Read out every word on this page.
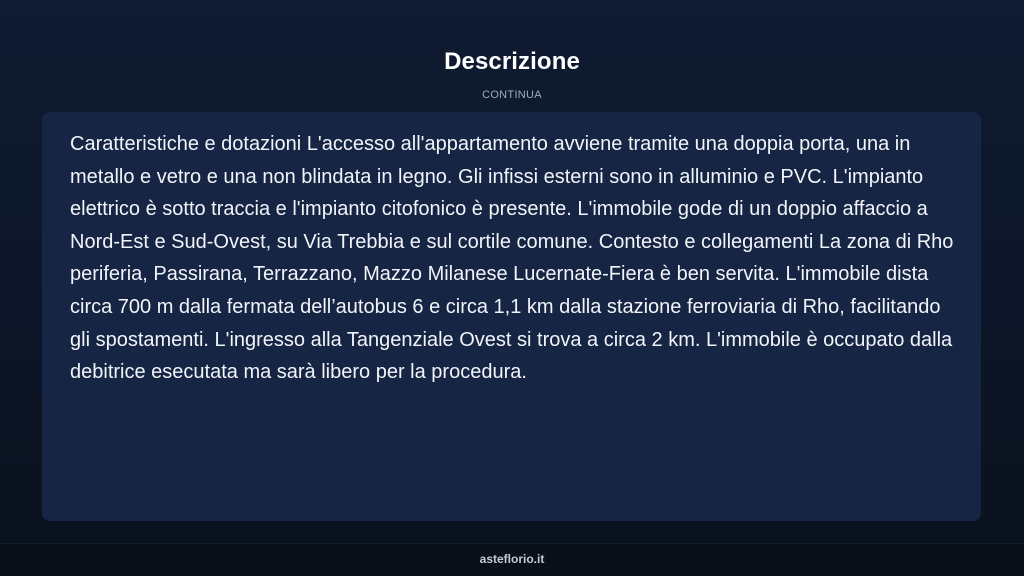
Descrizione
CONTINUA

Caratteristiche e dotazioni L'accesso all'appartamento avviene tramite una doppia porta, una in metallo e vetro e una non blindata in legno. Gli infissi esterni sono in alluminio e PVC. L'impianto elettrico è sotto traccia e l'impianto citofonico è presente. L'immobile gode di un doppio affaccio a Nord-Est e Sud-Ovest, su Via Trebbia e sul cortile comune. Contesto e collegamenti La zona di Rho periferia, Passirana, Terrazzano, Mazzo Milanese Lucernate-Fiera è ben servita. L'immobile dista circa 700 m dalla fermata dell’autobus 6 e circa 1,1 km dalla stazione ferroviaria di Rho, facilitando gli spostamenti. L'ingresso alla Tangenziale Ovest si trova a circa 2 km. L'immobile è occupato dalla debitrice esecutata ma sarà libero per la procedura.

asteflorio.it
